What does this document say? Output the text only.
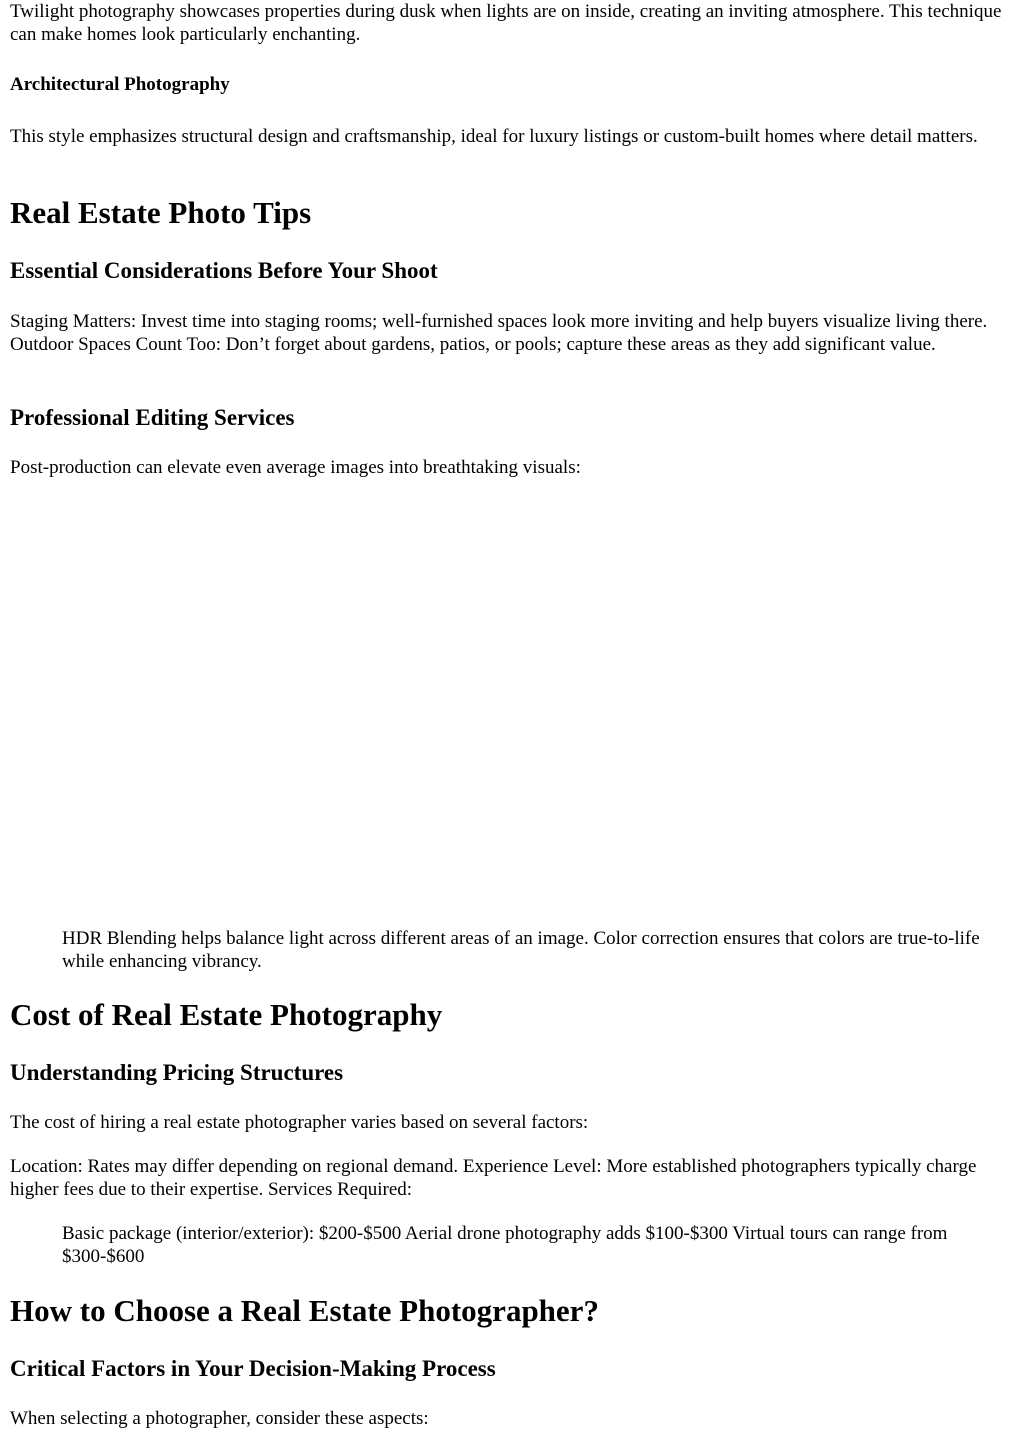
Twilight photography showcases properties during dusk when lights are on inside, creating an inviting atmosphere. This technique can make homes look particularly enchanting.

Architectural Photography

This style emphasizes structural design and craftsmanship, ideal for luxury listings or custom-built homes where detail matters.

Real Estate Photo Tips
Essential Considerations Before Your Shoot

Staging Matters: Invest time into staging rooms; well-furnished spaces look more inviting and help buyers visualize living there. Outdoor Spaces Count Too: Don’t forget about gardens, patios, or pools; capture these areas as they add significant value.

Professional Editing Services

Post-production can elevate even average images into breathtaking visuals:

HDR Blending helps balance light across different areas of an image. Color correction ensures that colors are true-to-life while enhancing vibrancy.

Cost of Real Estate Photography
Understanding Pricing Structures

The cost of hiring a real estate photographer varies based on several factors:

Location: Rates may differ depending on regional demand. Experience Level: More established photographers typically charge higher fees due to their expertise. Services Required:

Basic package (interior/exterior): $200-$500 Aerial drone photography adds $100-$300 Virtual tours can range from $300-$600

How to Choose a Real Estate Photographer?
Critical Factors in Your Decision-Making Process

When selecting a photographer, consider these aspects:
